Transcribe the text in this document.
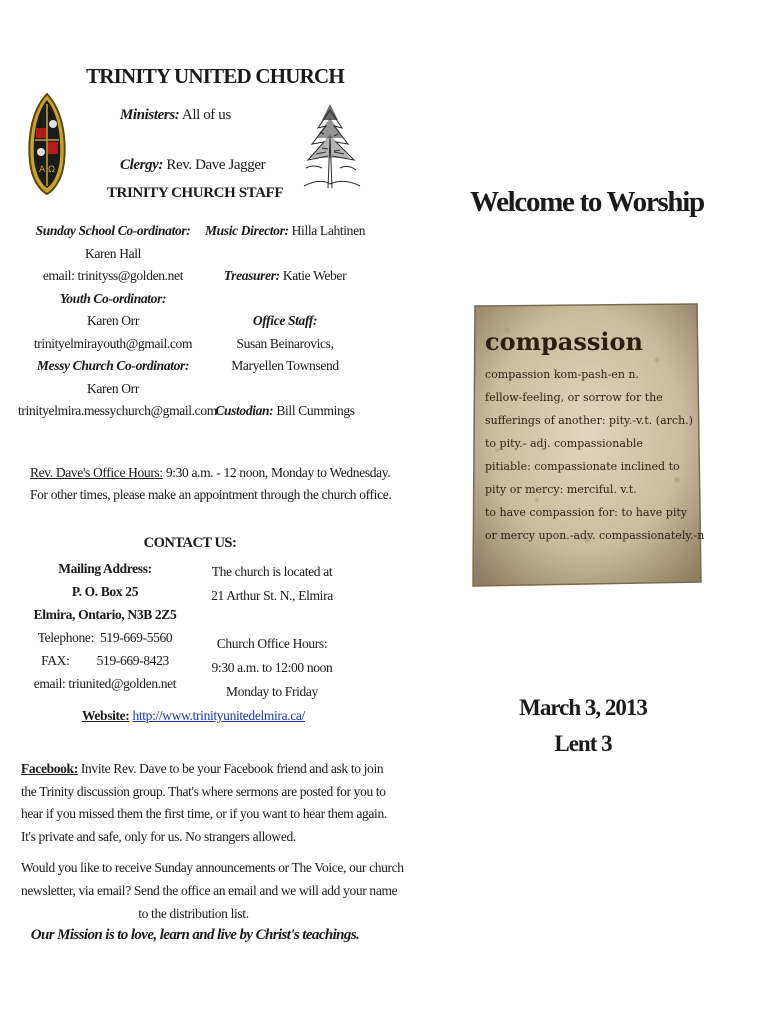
A Ω
TRINITY UNITED CHURCH
Ministers: All of us
Clergy: Rev. Dave Jagger
TRINITY CHURCH STAFF
Sunday School Co-ordinator:
Karen Hall
email: trinityss@golden.net
Youth Co-ordinator:
Karen Orr
trinityelmirayouth@gmail.com
Messy Church Co-ordinator:
Karen Orr
trinityelmira.messychurch@gmail.com
Music Director: Hilla Lahtinen

Treasurer: Katie Weber

Office Staff:
Susan Beinarovics,
Maryellen Townsend

Custodian: Bill Cummings
Rev. Dave's Office Hours: 9:30 a.m. - 12 noon, Monday to Wednesday.
For other times, please make an appointment through the church office.
CONTACT US:
Mailing Address:
P. O. Box 25
Elmira, Ontario, N3B 2Z5
Telephone:  519-669-5560
FAX:         519-669-8423
email: triunited@golden.net
The church is located at
21 Arthur St. N., Elmira

Church Office Hours:
9:30 a.m. to 12:00 noon
Monday to Friday
Website: http://www.trinityunitedelmira.ca/
Facebook: Invite Rev. Dave to be your Facebook friend and ask to join
the Trinity discussion group. That's where sermons are posted for you to
hear if you missed them the first time, or if you want to hear them again.
It's private and safe, only for us. No strangers allowed.
Would you like to receive Sunday announcements or The Voice, our church
newsletter, via email? Send the office an email and we will add your name
to the distribution list.
Our Mission is to love, learn and live by Christ's teachings.
Welcome to Worship
compassion
compassion kom-pash-en n.
fellow-feeling, or sorrow for the
sufferings of another: pity.-v.t. (arch.)
to pity.- adj. compassionable
pitiable: compassionate inclined to
pity or mercy: merciful. v.t.
to have compassion for: to have pity
or mercy upon.-adv. compassionately.-n
March 3, 2013
Lent 3
